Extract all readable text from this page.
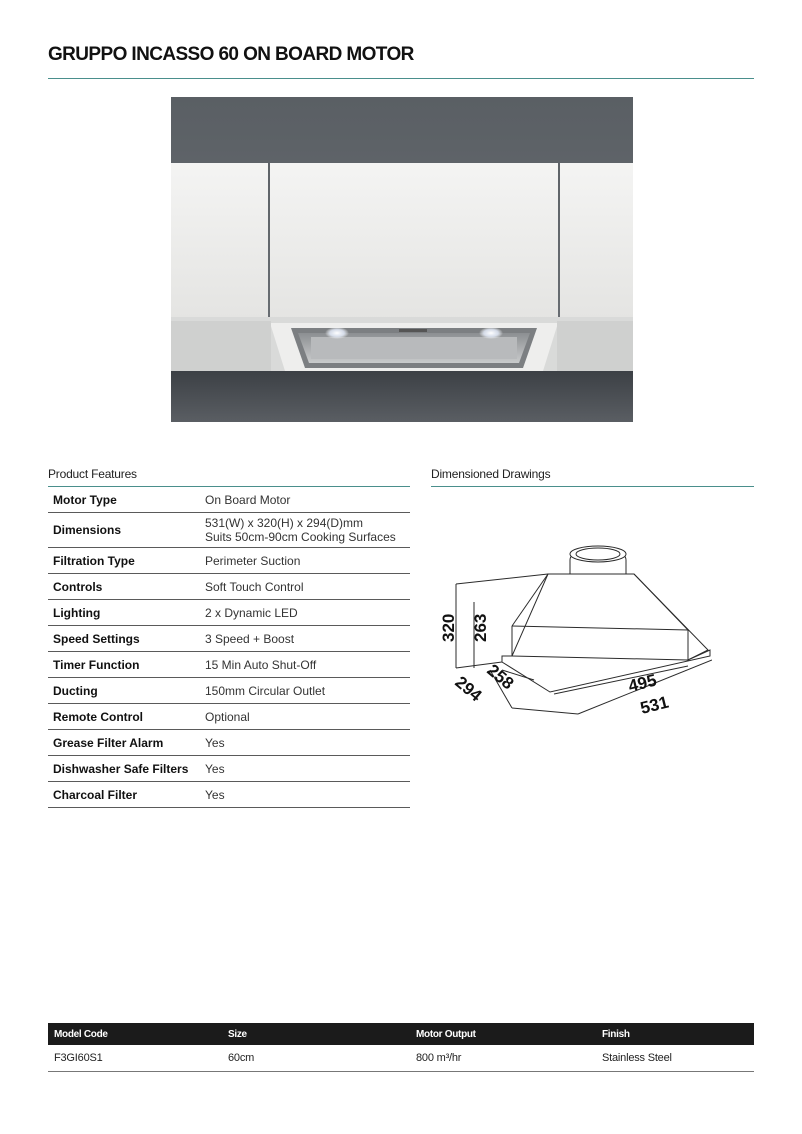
GRUPPO INCASSO 60 ON BOARD MOTOR
Product Features
Motor Type	On Board Motor
Dimensions	531(W) x 320(H) x 294(D)mm
Suits 50cm-90cm Cooking Surfaces
Filtration Type	Perimeter Suction
Controls	Soft Touch Control
Lighting	2 x Dynamic LED
Speed Settings	3 Speed + Boost
Timer Function	15 Min Auto Shut-Off
Ducting	150mm Circular Outlet
Remote Control	Optional
Grease Filter Alarm	Yes
Dishwasher Safe Filters	Yes
Charcoal Filter	Yes
Dimensioned Drawings
320 263
294
258	495
531
Model Code	Size	Motor Output	Finish
F3GI60S1	60cm	800 m³/hr	Stainless Steel
